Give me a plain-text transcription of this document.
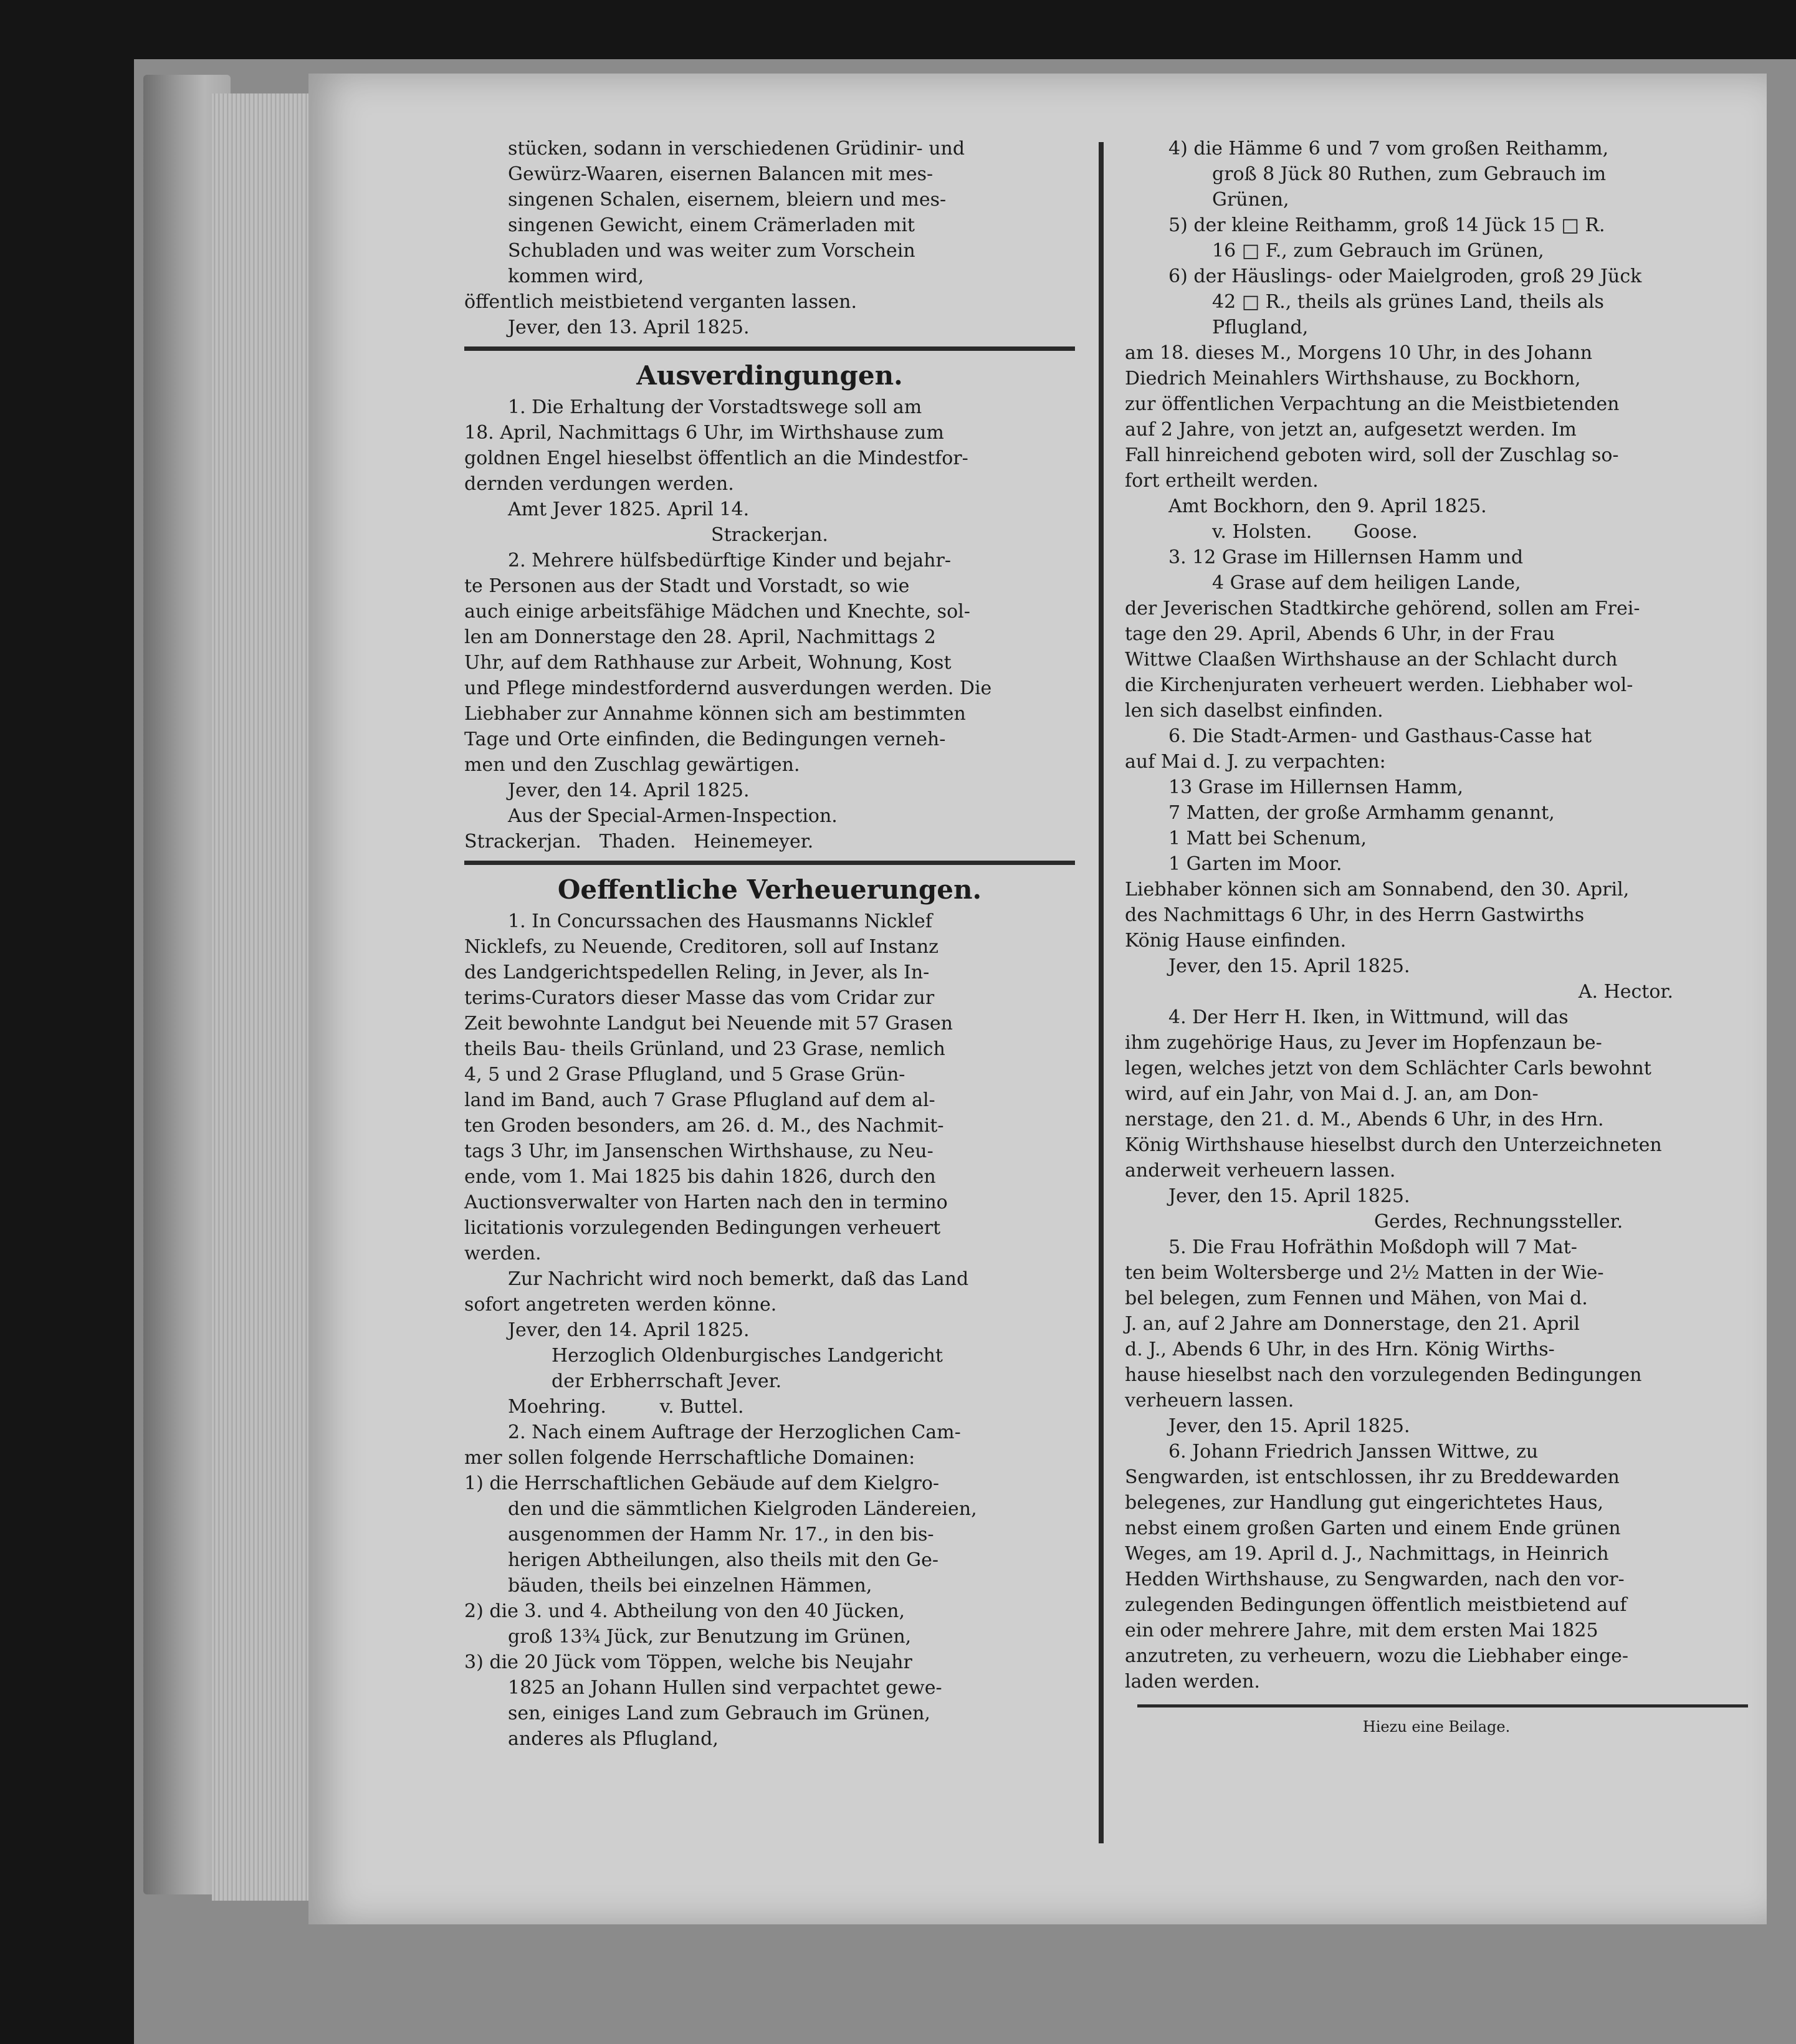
stücken, sodann in verschiedenen Grüdinir- und

Gewürz-Waaren, eisernen Balancen mit mes-

singenen Schalen, eisernem, bleiern und mes-

singenen Gewicht, einem Crämerladen mit

Schubladen und was weiter zum Vorschein

kommen wird,

öffentlich meistbietend verganten lassen.

Jever, den 13. April 1825.

Ausverdingungen.

1. Die Erhaltung der Vorstadtswege soll am

18. April, Nachmittags 6 Uhr, im Wirthshause zum

goldnen Engel hieselbst öffentlich an die Mindestfor-

dernden verdungen werden.

Amt Jever 1825. April 14.

Strackerjan.

2. Mehrere hülfsbedürftige Kinder und bejahr-

te Personen aus der Stadt und Vorstadt, so wie

auch einige arbeitsfähige Mädchen und Knechte, sol-

len am Donnerstage den 28. April, Nachmittags 2

Uhr, auf dem Rathhause zur Arbeit, Wohnung, Kost

und Pflege mindestfordernd ausverdungen werden. Die

Liebhaber zur Annahme können sich am bestimmten

Tage und Orte einfinden, die Bedingungen verneh-

men und den Zuschlag gewärtigen.

Jever, den 14. April 1825.

Aus der Special-Armen-Inspection.

Strackerjan.   Thaden.   Heinemeyer.

Oeffentliche Verheuerungen.

1. In Concurssachen des Hausmanns Nicklef

Nicklefs, zu Neuende, Creditoren, soll auf Instanz

des Landgerichtspedellen Reling, in Jever, als In-

terims-Curators dieser Masse das vom Cridar zur

Zeit bewohnte Landgut bei Neuende mit 57 Grasen

theils Bau- theils Grünland, und 23 Grase, nemlich

4, 5 und 2 Grase Pflugland, und 5 Grase Grün-

land im Band, auch 7 Grase Pflugland auf dem al-

ten Groden besonders, am 26. d. M., des Nachmit-

tags 3 Uhr, im Jansenschen Wirthshause, zu Neu-

ende, vom 1. Mai 1825 bis dahin 1826, durch den

Auctionsverwalter von Harten nach den in termino

licitationis vorzulegenden Bedingungen verheuert

werden.

Zur Nachricht wird noch bemerkt, daß das Land

sofort angetreten werden könne.

Jever, den 14. April 1825.

Herzoglich Oldenburgisches Landgericht

der Erbherrschaft Jever.

Moehring.         v. Buttel.

2. Nach einem Auftrage der Herzoglichen Cam-

mer sollen folgende Herrschaftliche Domainen:

1) die Herrschaftlichen Gebäude auf dem Kielgro-

den und die sämmtlichen Kielgroden Ländereien,

ausgenommen der Hamm Nr. 17., in den bis-

herigen Abtheilungen, also theils mit den Ge-

bäuden, theils bei einzelnen Hämmen,

2) die 3. und 4. Abtheilung von den 40 Jücken,

groß 13¾ Jück, zur Benutzung im Grünen,

3) die 20 Jück vom Töppen, welche bis Neujahr

1825 an Johann Hullen sind verpachtet gewe-

sen, einiges Land zum Gebrauch im Grünen,

anderes als Pflugland,

4) die Hämme 6 und 7 vom großen Reithamm,

groß 8 Jück 80 Ruthen, zum Gebrauch im

Grünen,

5) der kleine Reithamm, groß 14 Jück 15 □ R.

16 □ F., zum Gebrauch im Grünen,

6) der Häuslings- oder Maielgroden, groß 29 Jück

42 □ R., theils als grünes Land, theils als

Pflugland,

am 18. dieses M., Morgens 10 Uhr, in des Johann

Diedrich Meinahlers Wirthshause, zu Bockhorn,

zur öffentlichen Verpachtung an die Meistbietenden

auf 2 Jahre, von jetzt an, aufgesetzt werden. Im

Fall hinreichend geboten wird, soll der Zuschlag so-

fort ertheilt werden.

Amt Bockhorn, den 9. April 1825.

v. Holsten.       Goose.

3. 12 Grase im Hillernsen Hamm und

4 Grase auf dem heiligen Lande,

der Jeverischen Stadtkirche gehörend, sollen am Frei-

tage den 29. April, Abends 6 Uhr, in der Frau

Wittwe Claaßen Wirthshause an der Schlacht durch

die Kirchenjuraten verheuert werden. Liebhaber wol-

len sich daselbst einfinden.

6. Die Stadt-Armen- und Gasthaus-Casse hat

auf Mai d. J. zu verpachten:

13 Grase im Hillernsen Hamm,

7 Matten, der große Armhamm genannt,

1 Matt bei Schenum,

1 Garten im Moor.

Liebhaber können sich am Sonnabend, den 30. April,

des Nachmittags 6 Uhr, in des Herrn Gastwirths

König Hause einfinden.

Jever, den 15. April 1825.

A. Hector.

4. Der Herr H. Iken, in Wittmund, will das

ihm zugehörige Haus, zu Jever im Hopfenzaun be-

legen, welches jetzt von dem Schlächter Carls bewohnt

wird, auf ein Jahr, von Mai d. J. an, am Don-

nerstage, den 21. d. M., Abends 6 Uhr, in des Hrn.

König Wirthshause hieselbst durch den Unterzeichneten

anderweit verheuern lassen.

Jever, den 15. April 1825.

Gerdes, Rechnungssteller.

5. Die Frau Hofräthin Moßdoph will 7 Mat-

ten beim Woltersberge und 2½ Matten in der Wie-

bel belegen, zum Fennen und Mähen, von Mai d.

J. an, auf 2 Jahre am Donnerstage, den 21. April

d. J., Abends 6 Uhr, in des Hrn. König Wirths-

hause hieselbst nach den vorzulegenden Bedingungen

verheuern lassen.

Jever, den 15. April 1825.

6. Johann Friedrich Janssen Wittwe, zu

Sengwarden, ist entschlossen, ihr zu Breddewarden

belegenes, zur Handlung gut eingerichtetes Haus,

nebst einem großen Garten und einem Ende grünen

Weges, am 19. April d. J., Nachmittags, in Heinrich

Hedden Wirthshause, zu Sengwarden, nach den vor-

zulegenden Bedingungen öffentlich meistbietend auf

ein oder mehrere Jahre, mit dem ersten Mai 1825

anzutreten, zu verheuern, wozu die Liebhaber einge-

laden werden.

Hiezu eine Beilage.
